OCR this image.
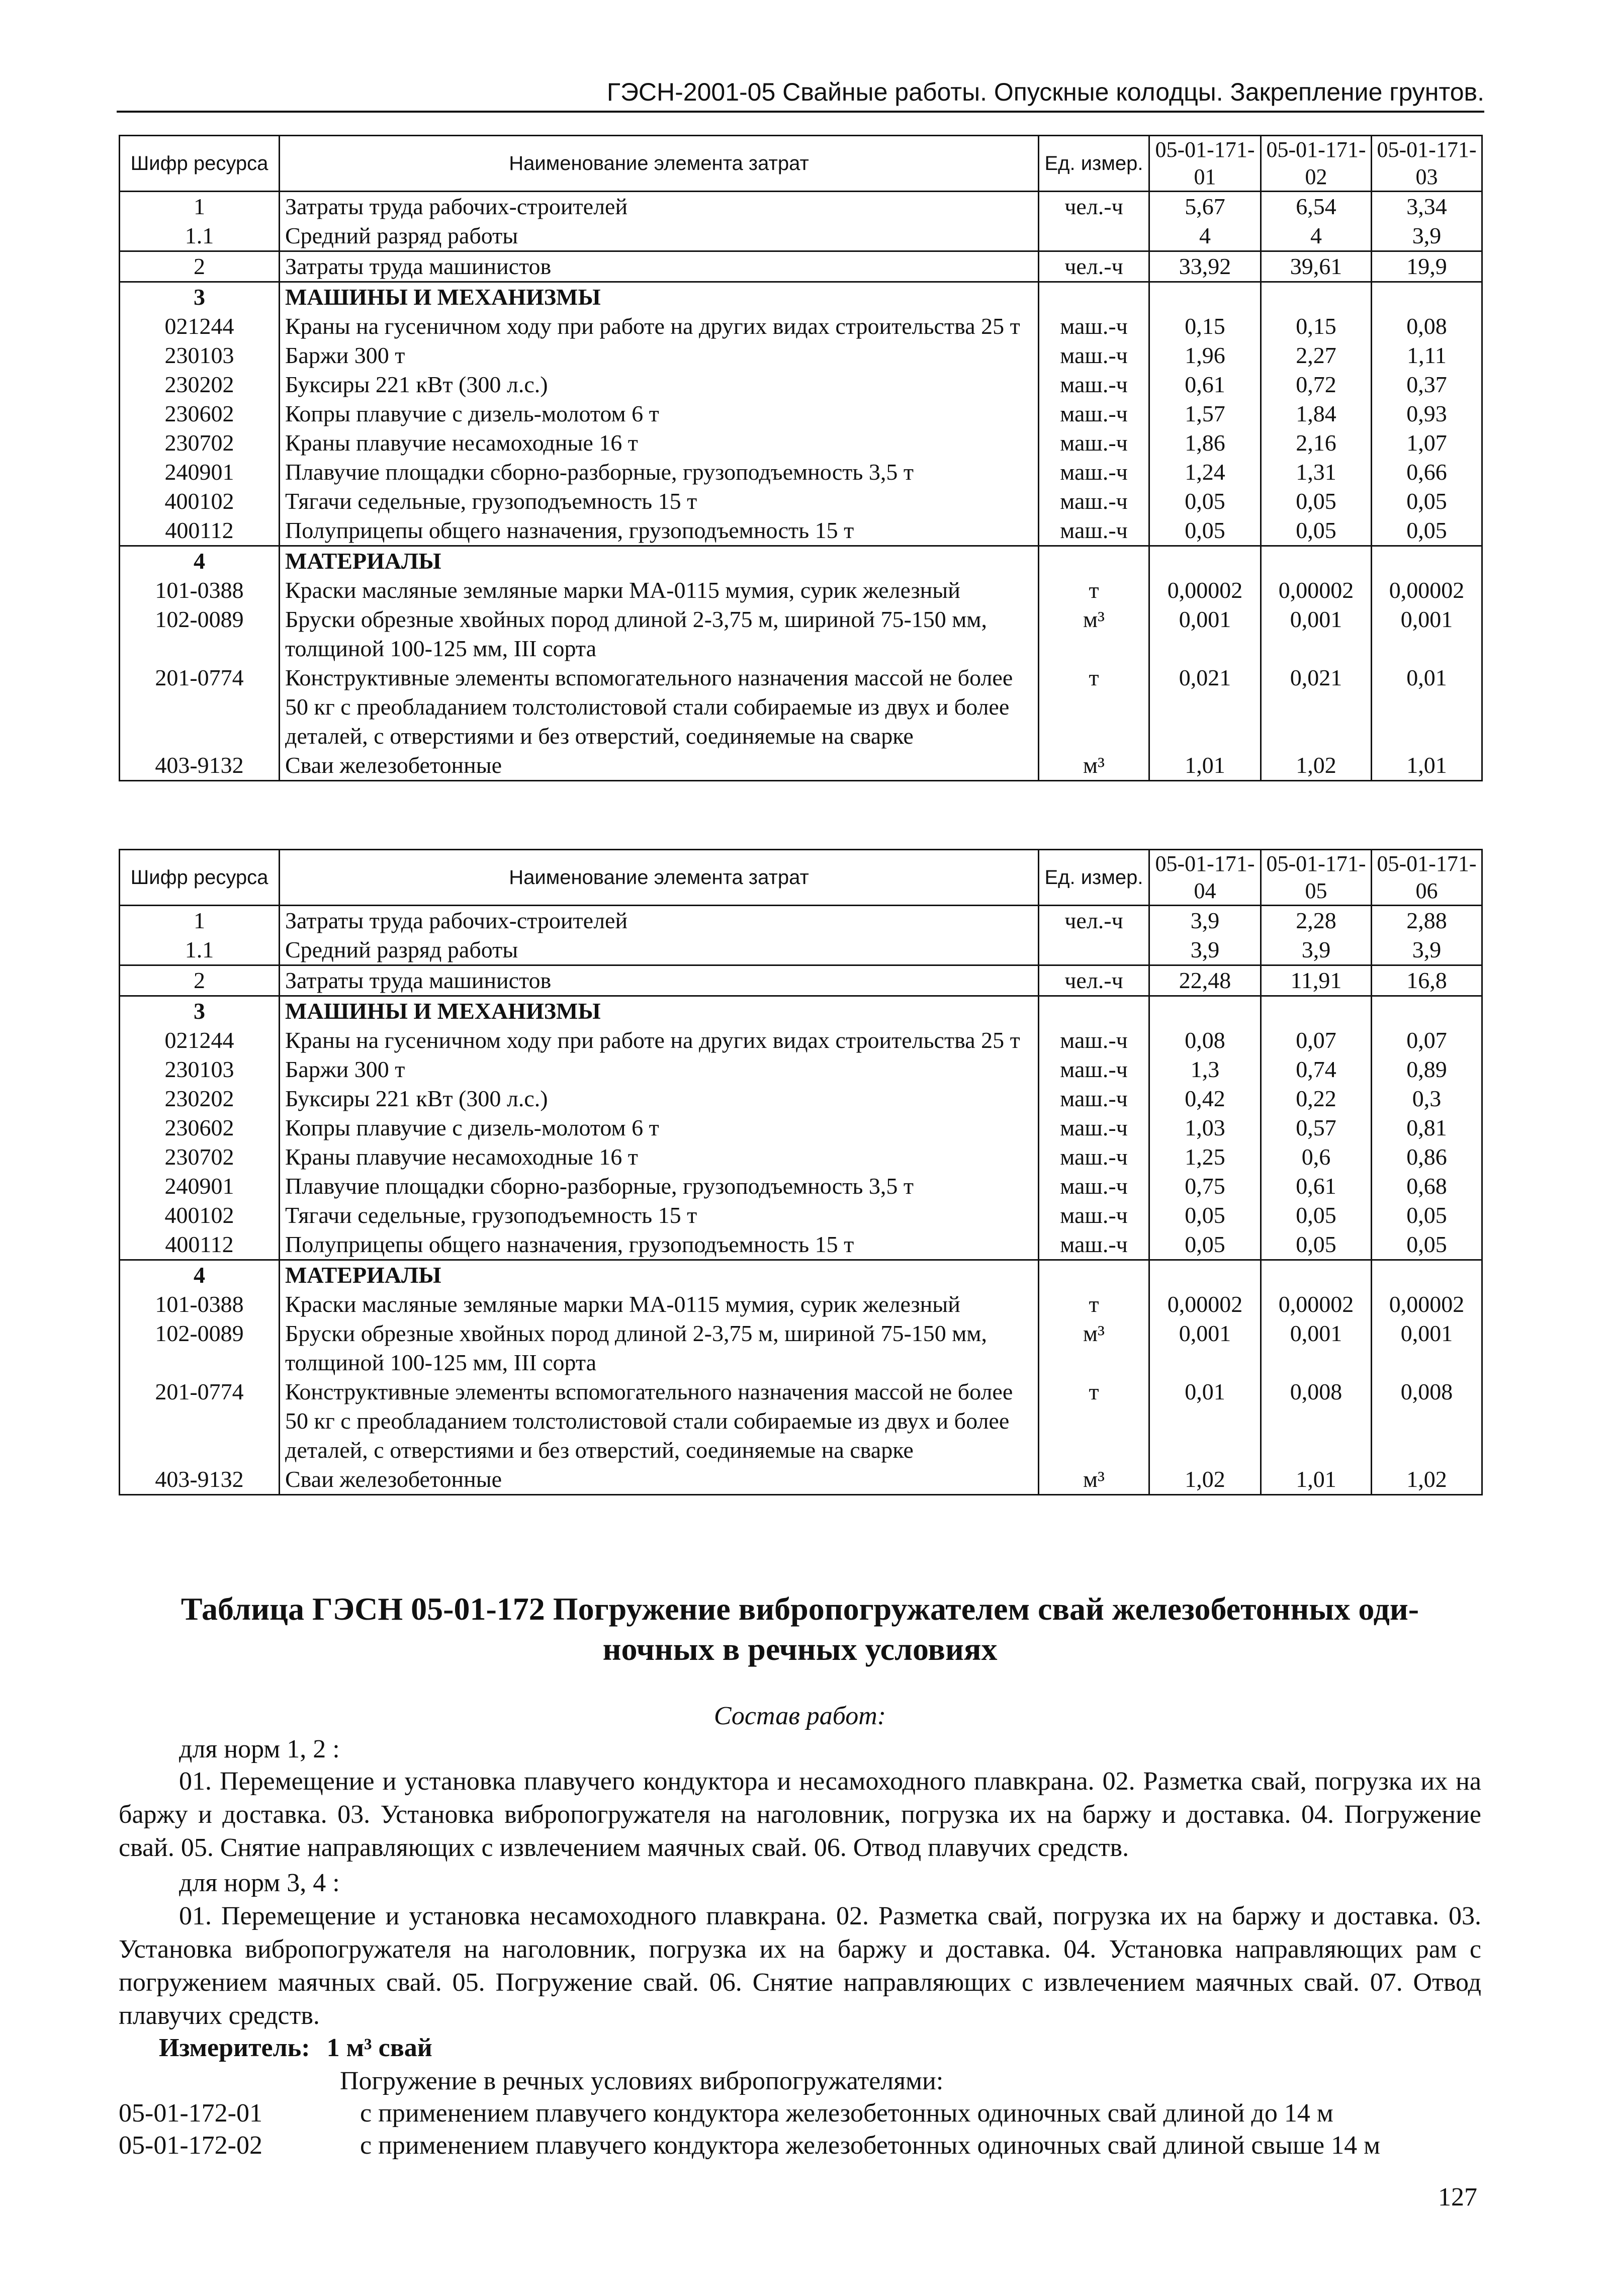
ГЭСН-2001-05 Свайные работы. Опускные колодцы. Закрепление грунтов.
Шифр ресурса	Наименование элемента затрат	Ед. измер.	05-01-171-01	05-01-171-02	05-01-171-03
1	Затраты труда рабочих-строителей	чел.-ч	5,67	6,54	3,34
1.1	Средний разряд работы		4	4	3,9
2	Затраты труда машинистов	чел.-ч	33,92	39,61	19,9
3	МАШИНЫ И МЕХАНИЗМЫ				
021244	Краны на гусеничном ходу при работе на других видах строительства 25 т	маш.-ч	0,15	0,15	0,08
230103	Баржи 300 т	маш.-ч	1,96	2,27	1,11
230202	Буксиры 221 кВт (300 л.с.)	маш.-ч	0,61	0,72	0,37
230602	Копры плавучие с дизель-молотом 6 т	маш.-ч	1,57	1,84	0,93
230702	Краны плавучие несамоходные 16 т	маш.-ч	1,86	2,16	1,07
240901	Плавучие площадки сборно-разборные, грузоподъемность 3,5 т	маш.-ч	1,24	1,31	0,66
400102	Тягачи седельные, грузоподъемность 15 т	маш.-ч	0,05	0,05	0,05
400112	Полуприцепы общего назначения, грузоподъемность 15 т	маш.-ч	0,05	0,05	0,05
4	МАТЕРИАЛЫ				
101-0388	Краски масляные земляные марки МА-0115 мумия, сурик железный	т	0,00002	0,00002	0,00002
102-0089	Бруски обрезные хвойных пород длиной 2-3,75 м, шириной 75-150 мм, толщиной 100-125 мм, III сорта	м³	0,001	0,001	0,001
201-0774	Конструктивные элементы вспомогательного назначения массой не более 50 кг с преобладанием толстолистовой стали собираемые из двух и более деталей, с отверстиями и без отверстий, соединяемые на сварке	т	0,021	0,021	0,01
403-9132	Сваи железобетонные	м³	1,01	1,02	1,01
Шифр ресурса	Наименование элемента затрат	Ед. измер.	05-01-171-04	05-01-171-05	05-01-171-06
1	Затраты труда рабочих-строителей	чел.-ч	3,9	2,28	2,88
1.1	Средний разряд работы		3,9	3,9	3,9
2	Затраты труда машинистов	чел.-ч	22,48	11,91	16,8
3	МАШИНЫ И МЕХАНИЗМЫ				
021244	Краны на гусеничном ходу при работе на других видах строительства 25 т	маш.-ч	0,08	0,07	0,07
230103	Баржи 300 т	маш.-ч	1,3	0,74	0,89
230202	Буксиры 221 кВт (300 л.с.)	маш.-ч	0,42	0,22	0,3
230602	Копры плавучие с дизель-молотом 6 т	маш.-ч	1,03	0,57	0,81
230702	Краны плавучие несамоходные 16 т	маш.-ч	1,25	0,6	0,86
240901	Плавучие площадки сборно-разборные, грузоподъемность 3,5 т	маш.-ч	0,75	0,61	0,68
400102	Тягачи седельные, грузоподъемность 15 т	маш.-ч	0,05	0,05	0,05
400112	Полуприцепы общего назначения, грузоподъемность 15 т	маш.-ч	0,05	0,05	0,05
4	МАТЕРИАЛЫ				
101-0388	Краски масляные земляные марки МА-0115 мумия, сурик железный	т	0,00002	0,00002	0,00002
102-0089	Бруски обрезные хвойных пород длиной 2-3,75 м, шириной 75-150 мм, толщиной 100-125 мм, III сорта	м³	0,001	0,001	0,001
201-0774	Конструктивные элементы вспомогательного назначения массой не более 50 кг с преобладанием толстолистовой стали собираемые из двух и более деталей, с отверстиями и без отверстий, соединяемые на сварке	т	0,01	0,008	0,008
403-9132	Сваи железобетонные	м³	1,02	1,01	1,02
Таблица ГЭСН 05-01-172 Погружение вибропогружателем свай железобетонных оди-
ночных в речных условиях
Состав работ:
для норм 1, 2 :
01. Перемещение и установка плавучего кондуктора и несамоходного плавкрана. 02. Разметка свай, погрузка их на баржу и доставка. 03. Установка вибропогружателя на наголовник, погрузка их на баржу и доставка. 04. Погружение свай. 05. Снятие направляющих с извлечением маячных свай. 06. Отвод плавучих средств.
для норм 3, 4 :
01. Перемещение и установка несамоходного плавкрана. 02. Разметка свай, погрузка их на баржу и доставка. 03. Установка вибропогружателя на наголовник, погрузка их на баржу и доставка. 04. Установка направляющих рам с погружением маячных свай. 05. Погружение свай. 06. Снятие направляющих с извлечением маячных свай. 07. Отвод плавучих средств.
Измеритель: 1 м³ свай
Погружение в речных условиях вибропогружателями:
05-01-172-01	с применением плавучего кондуктора железобетонных одиночных свай длиной до 14 м
05-01-172-02	с применением плавучего кондуктора железобетонных одиночных свай длиной свыше 14 м
127
